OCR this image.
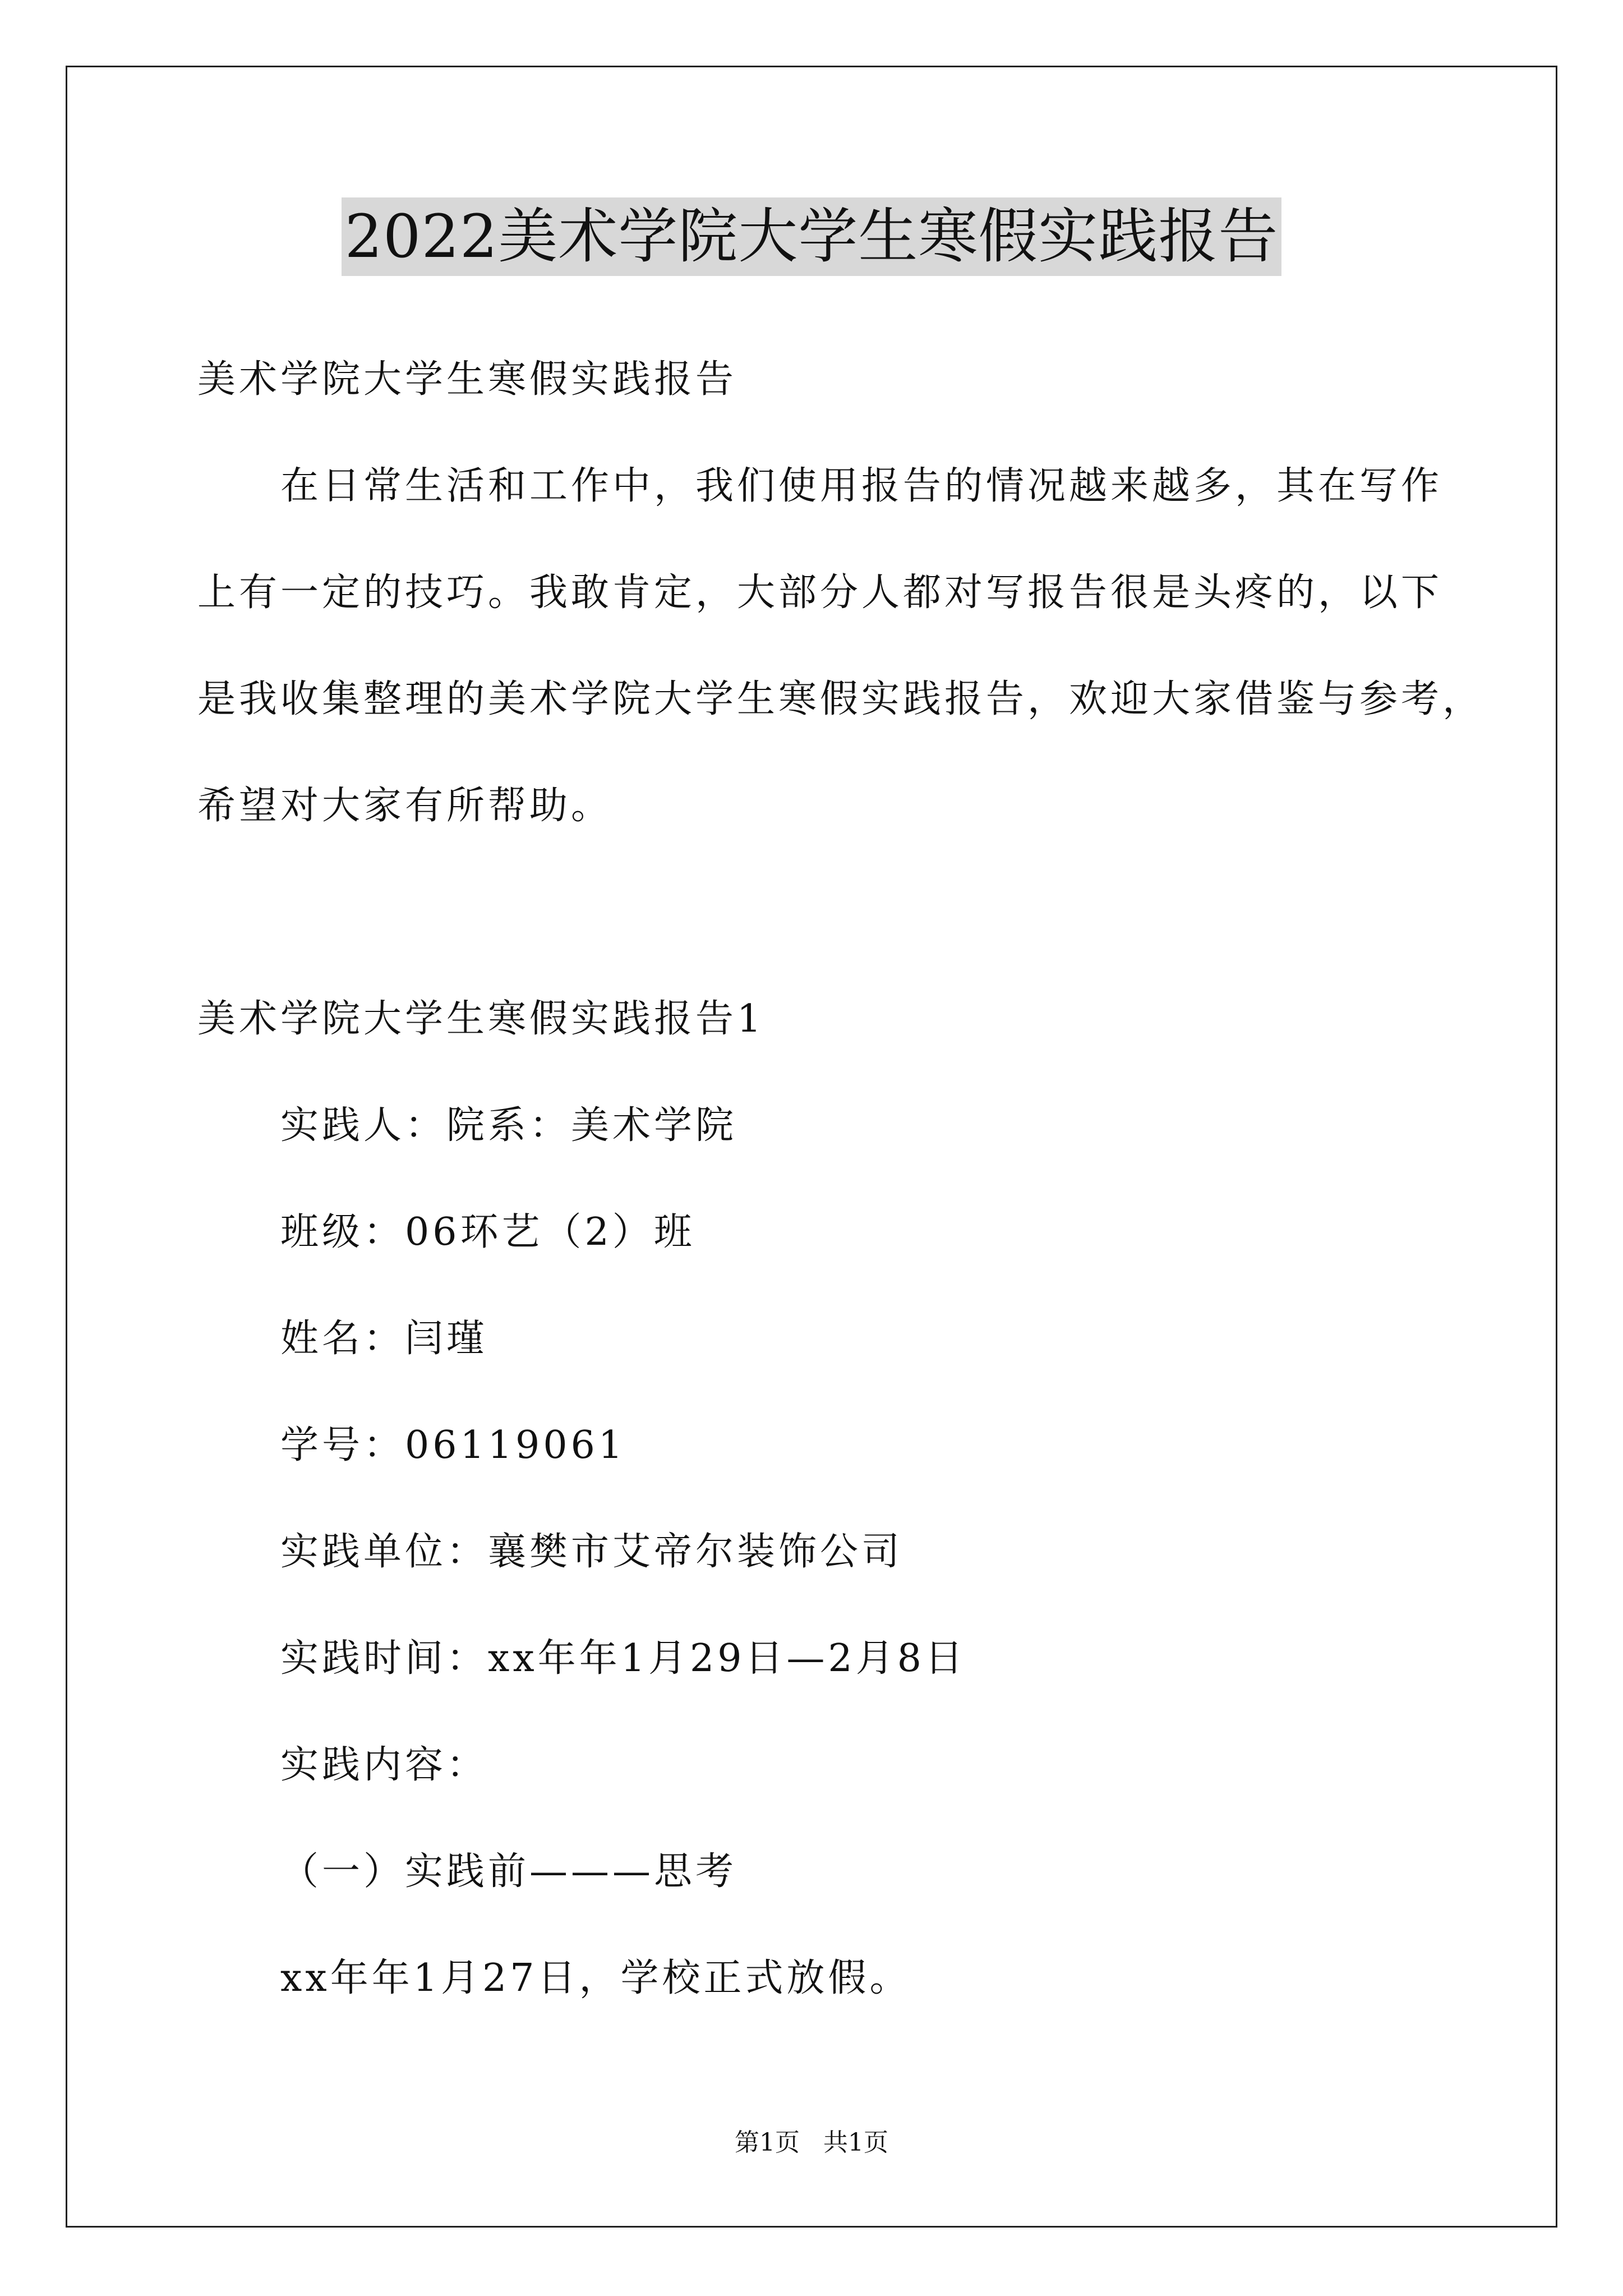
2022美术学院大学生寒假实践报告
美术学院大学生寒假实践报告
在日常生活和工作中，我们使用报告的情况越来越多，其在写作
上有一定的技巧。我敢肯定，大部分人都对写报告很是头疼的，以下
是我收集整理的美术学院大学生寒假实践报告，欢迎大家借鉴与参考，
希望对大家有所帮助。
美术学院大学生寒假实践报告1
实践人：院系：美术学院
班级：06环艺（2）班
姓名：闫瑾
学号：06119061
实践单位：襄樊市艾帝尔装饰公司
实践时间：xx年年1月29日—2月8日
实践内容：
（一）实践前———思考
xx年年1月27日，学校正式放假。
第1页 共1页
